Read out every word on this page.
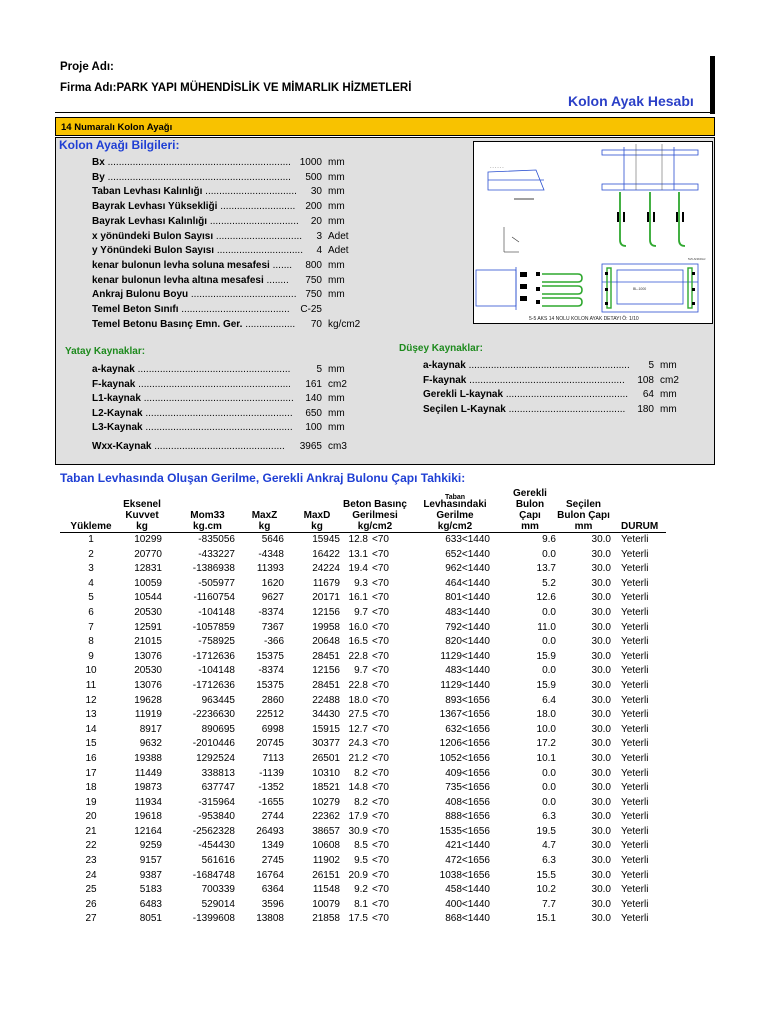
Proje Adı:
Firma Adı:PARK YAPI MÜHENDİSLİK VE MİMARLIK HİZMETLERİ
Kolon Ayak Hesabı
14 Numaralı Kolon Ayağı
Kolon Ayağı Bilgileri:
Bx .................................................................. 1000 mm
By ..................................................................	500 mm
Taban Levhası Kalınlığı .................................	30 mm
Bayrak Levhası Yüksekliği ...........................	200 mm
Bayrak Levhası Kalınlığı ................................	20 mm
x yönündeki Bulon Sayısı ...............................	3 Adet
y Yönündeki Bulon Sayısı ...............................	4 Adet
kenar bulonun levha soluna mesafesi .......	800 mm
kenar bulonun levha altına mesafesi ........	750 mm
Ankraj Bulonu Boyu ...................................... 750 mm
Temel Beton Sınıfı .......................................	C-25
Temel Betonu Basınç Emn. Ger. ..................	70 kg/cm2
Yatay Kaynaklar:
a-kaynak .......................................................	5 mm
F-kaynak .......................................................	161 cm2
L1-kaynak ......................................................	140 mm
L2-Kaynak .....................................................	650 mm
L3-Kaynak .....................................................	100 mm
Wxx-Kaynak ...............................................	3965 cm3
Düşey Kaynaklar:
a-kaynak ..........................................................	5 mm
F-kaynak ........................................................	108 cm2
Gerekli L-kaynak ............................................	64 mm
Seçilen L-Kaynak ..........................................	180 mm
- - - - - -
BL-1000
5x5 ANKRAJ
5-5 AKS 14 NOLU KOLON AYAK DETAYI Ö: 1/10
Taban Levhasında Oluşan Gerilme, Gerekli Ankraj Bulonu Çapı Tahkiki:
Yükleme	Eksenel
Kuvvet
kg	Mom33
kg.cm	MaxZ
kg	MaxD
kg	Beton Basınç
Gerilmesi
kg/cm2		Taban
Levhasındaki
Gerilme
kg/cm2	Gerekli
Bulon Çapı
mm	Seçilen
Bulon Çapı
mm	DURUM
1	10299	-835056	5646	15945	12.8	<70	633<1440	9.6	30.0	Yeterli
2	20770	-433227	-4348	16422	13.1	<70	652<1440	0.0	30.0	Yeterli
3	12831	-1386938	11393	24224	19.4	<70	962<1440	13.7	30.0	Yeterli
4	10059	-505977	1620	11679	9.3	<70	464<1440	5.2	30.0	Yeterli
5	10544	-1160754	9627	20171	16.1	<70	801<1440	12.6	30.0	Yeterli
6	20530	-104148	-8374	12156	9.7	<70	483<1440	0.0	30.0	Yeterli
7	12591	-1057859	7367	19958	16.0	<70	792<1440	11.0	30.0	Yeterli
8	21015	-758925	-366	20648	16.5	<70	820<1440	0.0	30.0	Yeterli
9	13076	-1712636	15375	28451	22.8	<70	1129<1440	15.9	30.0	Yeterli
10	20530	-104148	-8374	12156	9.7	<70	483<1440	0.0	30.0	Yeterli
11	13076	-1712636	15375	28451	22.8	<70	1129<1440	15.9	30.0	Yeterli
12	19628	963445	2860	22488	18.0	<70	893<1656	6.4	30.0	Yeterli
13	11919	-2236630	22512	34430	27.5	<70	1367<1656	18.0	30.0	Yeterli
14	8917	890695	6998	15915	12.7	<70	632<1656	10.0	30.0	Yeterli
15	9632	-2010446	20745	30377	24.3	<70	1206<1656	17.2	30.0	Yeterli
16	19388	1292524	7113	26501	21.2	<70	1052<1656	10.1	30.0	Yeterli
17	11449	338813	-1139	10310	8.2	<70	409<1656	0.0	30.0	Yeterli
18	19873	637747	-1352	18521	14.8	<70	735<1656	0.0	30.0	Yeterli
19	11934	-315964	-1655	10279	8.2	<70	408<1656	0.0	30.0	Yeterli
20	19618	-953840	2744	22362	17.9	<70	888<1656	6.3	30.0	Yeterli
21	12164	-2562328	26493	38657	30.9	<70	1535<1656	19.5	30.0	Yeterli
22	9259	-454430	1349	10608	8.5	<70	421<1440	4.7	30.0	Yeterli
23	9157	561616	2745	11902	9.5	<70	472<1656	6.3	30.0	Yeterli
24	9387	-1684748	16764	26151	20.9	<70	1038<1656	15.5	30.0	Yeterli
25	5183	700339	6364	11548	9.2	<70	458<1440	10.2	30.0	Yeterli
26	6483	529014	3596	10079	8.1	<70	400<1440	7.7	30.0	Yeterli
27	8051	-1399608	13808	21858	17.5	<70	868<1440	15.1	30.0	Yeterli
